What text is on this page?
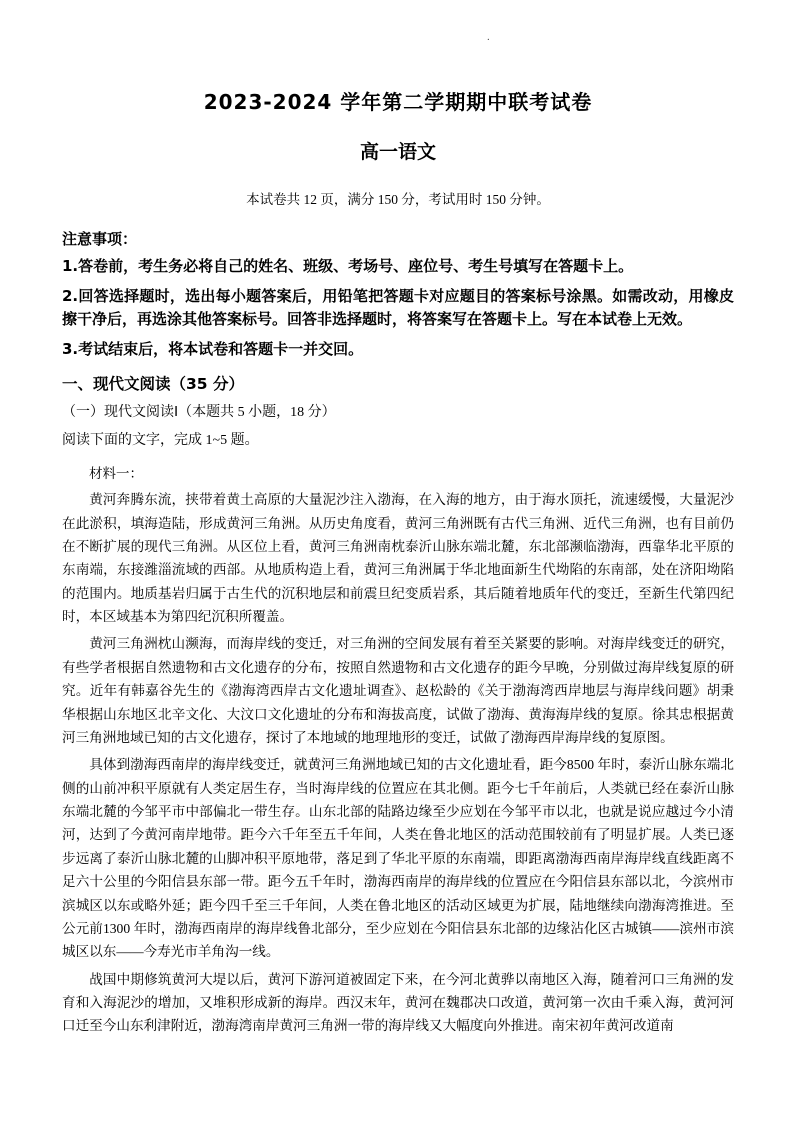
.
2023-2024 学年第二学期期中联考试卷
高一语文
本试卷共 12 页，满分 150 分，考试用时 150 分钟。
注意事项：
1.答卷前，考生务必将自己的姓名、班级、考场号、座位号、考生号填写在答题卡上。
2.回答选择题时，选出每小题答案后，用铅笔把答题卡对应题目的答案标号涂黑。如需改动，用橡皮擦干净后，再选涂其他答案标号。回答非选择题时，将答案写在答题卡上。写在本试卷上无效。
3.考试结束后，将本试卷和答题卡一并交回。
一、现代文阅读（35 分）
（一）现代文阅读Ⅰ（本题共 5 小题，18 分）
阅读下面的文字，完成 1~5 题。
材料一：
黄河奔腾东流，挟带着黄土高原的大量泥沙注入渤海，在入海的地方，由于海水顶托，流速缓慢，大量泥沙在此淤积，填海造陆，形成黄河三角洲。从历史角度看，黄河三角洲既有古代三角洲、近代三角洲，也有目前仍在不断扩展的现代三角洲。从区位上看，黄河三角洲南枕泰沂山脉东端北麓，东北部濒临渤海，西靠华北平原的东南端，东接潍淄流域的西部。从地质构造上看，黄河三角洲属于华北地面新生代坳陷的东南部，处在济阳坳陷的范围内。地质基岩归属于古生代的沉积地层和前震旦纪变质岩系，其后随着地质年代的变迁，至新生代第四纪时，本区域基本为第四纪沉积所覆盖。
黄河三角洲枕山濒海，而海岸线的变迁，对三角洲的空间发展有着至关紧要的影响。对海岸线变迁的研究，有些学者根据自然遗物和古文化遗存的分布，按照自然遗物和古文化遗存的距今早晚，分别做过海岸线复原的研究。近年有韩嘉谷先生的《渤海湾西岸古文化遗址调查》、赵松龄的《关于渤海湾西岸地层与海岸线问题》胡秉华根据山东地区北辛文化、大汶口文化遗址的分布和海拔高度，试做了渤海、黄海海岸线的复原。徐其忠根据黄河三角洲地域已知的古文化遗存，探讨了本地域的地理地形的变迁，试做了渤海西岸海岸线的复原图。
具体到渤海西南岸的海岸线变迁，就黄河三角洲地域已知的古文化遗址看，距今8500 年时，泰沂山脉东端北侧的山前冲积平原就有人类定居生存，当时海岸线的位置应在其北侧。距今七千年前后，人类就已经在泰沂山脉东端北麓的今邹平市中部偏北一带生存。山东北部的陆路边缘至少应划在今邹平市以北，也就是说应越过今小清河，达到了今黄河南岸地带。距今六千年至五千年间，人类在鲁北地区的活动范围较前有了明显扩展。人类已逐步远离了泰沂山脉北麓的山脚冲积平原地带，落足到了华北平原的东南端，即距离渤海西南岸海岸线直线距离不足六十公里的今阳信县东部一带。距今五千年时，渤海西南岸的海岸线的位置应在今阳信县东部以北，今滨州市滨城区以东或略外延；距今四千至三千年间，人类在鲁北地区的活动区域更为扩展，陆地继续向渤海湾推进。至公元前1300 年时，渤海西南岸的海岸线鲁北部分，至少应划在今阳信县东北部的边缘沾化区古城镇——滨州市滨城区以东——今寿光市羊角沟一线。
战国中期修筑黄河大堤以后，黄河下游河道被固定下来，在今河北黄骅以南地区入海，随着河口三角洲的发育和入海泥沙的增加，又堆积形成新的海岸。西汉末年，黄河在魏郡决口改道，黄河第一次由千乘入海，黄河河口迁至今山东利津附近，渤海湾南岸黄河三角洲一带的海岸线又大幅度向外推进。南宋初年黄河改道南
